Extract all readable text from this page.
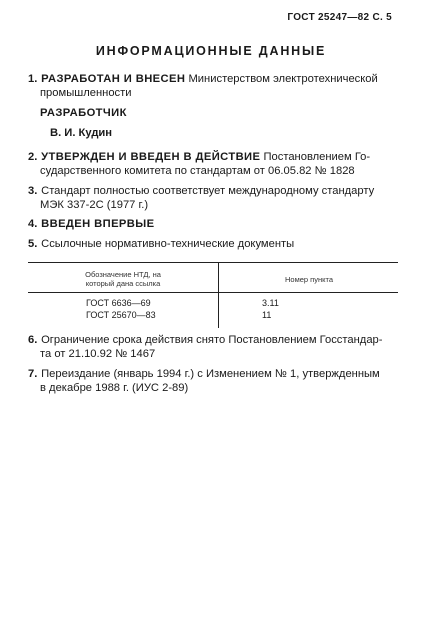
ГОСТ 25247—82 С. 5
ИНФОРМАЦИОННЫЕ ДАННЫЕ
1. РАЗРАБОТАН И ВНЕСЕН Министерством электротехнической
промышленности
РАЗРАБОТЧИК
В. И. Кудин
2. УТВЕРЖДЕН И ВВЕДЕН В ДЕЙСТВИЕ Постановлением Го-
сударственного комитета по стандартам от 06.05.82 № 1828
3. Стандарт полностью соответствует международному стандарту
МЭК 337-2С (1977 г.)
4. ВВЕДЕН ВПЕРВЫЕ
5. Ссылочные нормативно-технические документы
Обозначение НТД, на
который дана ссылка	Номер пункта
ГОСТ 6636—69	3.11
ГОСТ 25670—83	11
6. Ограничение срока действия снято Постановлением Госстандар-
та от 21.10.92 № 1467
7. Переиздание (январь 1994 г.) с Изменением № 1, утвержденным
в декабре 1988 г. (ИУС 2-89)
